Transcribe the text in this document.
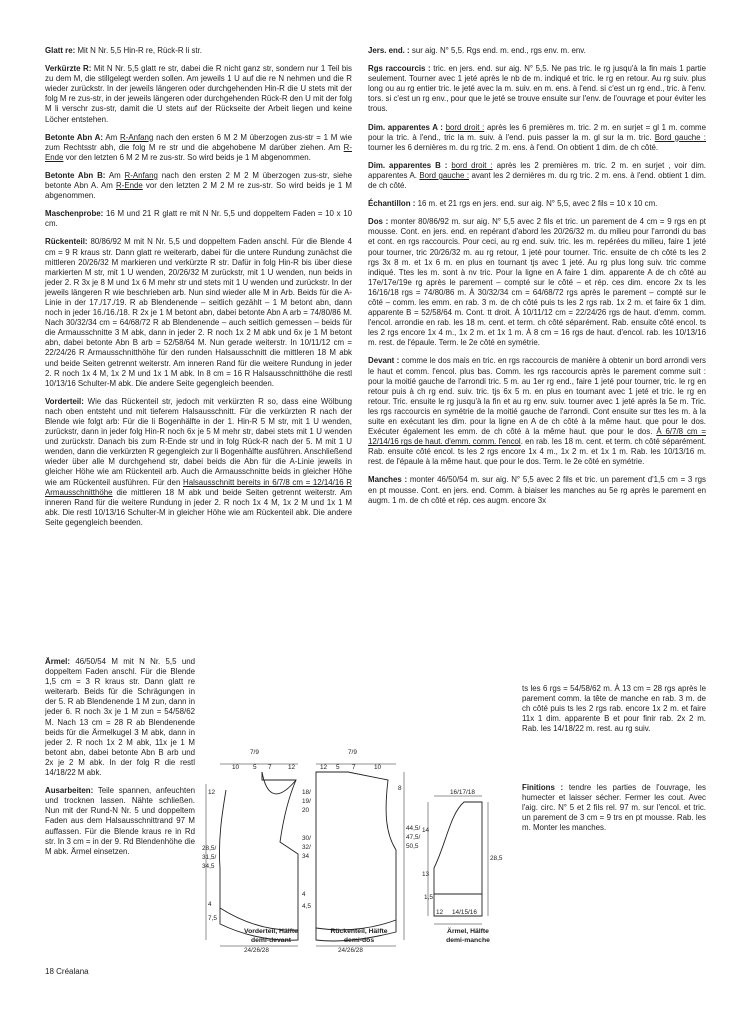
Glatt re: Mit N Nr. 5,5 Hin-R re, Rück-R li str.

Verkürzte R: Mit N Nr. 5,5 glatt re str, dabei die R nicht ganz str, sondern nur 1 Teil bis zu dem M, die stillgelegt werden sollen. Am jeweils 1 U auf die re N nehmen und die R wieder zurückstr. In der jeweils längeren oder durchgehenden Hin-R die U stets mit der folg M re zus-str, in der jeweils längeren oder durchgehenden Rück-R den U mit der folg M li verschr zus-str, damit die U stets auf der Rückseite der Arbeit liegen und keine Löcher entstehen.

Betonte Abn A: Am R-Anfang nach den ersten 6 M 2 M überzogen zus-str = 1 M wie zum Rechtsstr abh, die folg M re str und die abgehobene M darüber ziehen. Am R-Ende vor den letzten 6 M 2 M re zus-str. So wird beids je 1 M abgenommen.

Betonte Abn B: Am R-Anfang nach den ersten 2 M 2 M überzogen zus-str, siehe betonte Abn A. Am R-Ende vor den letzten 2 M 2 M re zus-str. So wird beids je 1 M abgenommen.

Maschenprobe: 16 M und 21 R glatt re mit N Nr. 5,5 und doppeltem Faden = 10 x 10 cm.

Rückenteil: 80/86/92 M mit N Nr. 5,5 und doppeltem Faden anschl. Für die Blende 4 cm = 9 R kraus str. Dann glatt re weiterarb, dabei für die untere Rundung zunächst die mittleren 20/26/32 M markieren und verkürzte R str. Dafür in folg Hin-R bis über diese markierten M str, mit 1 U wenden, 20/26/32 M zurückstr, mit 1 U wenden, nun beids in jeder 2. R 3x je 8 M und 1x 6 M mehr str und stets mit 1 U wenden und zurückstr. In der jeweils längeren R wie beschrieben arb. Nun sind wieder alle M in Arb. Beids für die A-Linie in der 17./17./19. R ab Blendenende – seitlich gezählt – 1 M betont abn, dann noch in jeder 16./16./18. R 2x je 1 M betont abn, dabei betonte Abn A arb = 74/80/86 M. Nach 30/32/34 cm = 64/68/72 R ab Blendenende – auch seitlich gemessen – beids für die Armausschnitte 3 M abk, dann in jeder 2. R noch 1x 2 M abk und 6x je 1 M betont abn, dabei betonte Abn B arb = 52/58/64 M. Nun gerade weiterstr. In 10/11/12 cm = 22/24/26 R Armausschnitthöhe für den runden Halsausschnitt die mittleren 18 M abk und beide Seiten getrennt weiterstr. Am inneren Rand für die weitere Rundung in jeder 2. R noch 1x 4 M, 1x 2 M und 1x 1 M abk. In 8 cm = 16 R Halsausschnitthöhe die restl 10/13/16 Schulter-M abk. Die andere Seite gegengleich beenden.

Vorderteil: Wie das Rückenteil str, jedoch mit verkürzten R so, dass eine Wölbung nach oben entsteht und mit tieferem Halsausschnitt. Für die verkürzten R nach der Blende wie folgt arb: Für die li Bogenhälfte in der 1. Hin-R 5 M str, mit 1 U wenden, zurückstr, dann in jeder folg Hin-R noch 6x je 5 M mehr str, dabei stets mit 1 U wenden und zurückstr. Danach bis zum R-Ende str und in folg Rück-R nach der 5. M mit 1 U wenden, dann die verkürzten R gegengleich zur li Bogenhälfte ausführen. Anschließend wieder über alle M durchgehend str, dabei beids die Abn für die A-Linie jeweils in gleicher Höhe wie am Rückenteil arb. Auch die Armausschnitte beids in gleicher Höhe wie am Rückenteil ausführen. Für den Halsausschnitt bereits in 6/7/8 cm = 12/14/16 R Armausschnitthöhe die mittleren 18 M abk und beide Seiten getrennt weiterstr. Am inneren Rand für die weitere Rundung in jeder 2. R noch 1x 4 M, 1x 2 M und 1x 1 M abk. Die restl 10/13/16 Schulter-M in gleicher Höhe wie am Rückenteil abk. Die andere Seite gegengleich beenden.

Ärmel: 46/50/54 M mit N Nr. 5,5 und doppeltem Faden anschl. Für die Blende 1,5 cm = 3 R kraus str. Dann glatt re weiterarb. Beids für die Schrägungen in der 5. R ab Blendenende 1 M zun, dann in jeder 6. R noch 3x je 1 M zun = 54/58/62 M. Nach 13 cm = 28 R ab Blendenende beids für die Ärmelkugel 3 M abk, dann in jeder 2. R noch 1x 2 M abk, 11x je 1 M betont abn, dabei betonte Abn B arb und 2x je 2 M abk. In der folg R die restl 14/18/22 M abk.

Ausarbeiten: Teile spannen, anfeuchten und trocknen lassen. Nähte schließen. Nun mit der Rund-N Nr. 5 und doppeltem Faden aus dem Halsausschnittrand 97 M auffassen. Für die Blende kraus re in Rd str. In 3 cm = in der 9. Rd Blendenhöhe die M abk. Ärmel einsetzen.

Jers. end. : sur aig. N° 5,5. Rgs end. m. end., rgs env. m. env.

Rgs raccourcis : tric. en jers. end. sur aig. N° 5,5. Ne pas tric. le rg jusqu'à la fin mais 1 partie seulement. Tourner avec 1 jeté après le nb de m. indiqué et tric. le rg en retour. Au rg suiv. plus long ou au rg entier tric. le jeté avec la m. suiv. en m. ens. à l'end. si c'est un rg end., tric. à l'env. tors. si c'est un rg env., pour que le jeté se trouve ensuite sur l'env. de l'ouvrage et pour éviter les trous.

Dim. apparentes A : bord droit : après les 6 premières m. tric. 2 m. en surjet = gl 1 m. comme pour la tric. à l'end., tric la m. suiv. à l'end. puis passer la m. gl sur la m. tric. Bord gauche : tourner les 6 dernières m. du rg tric. 2 m. ens. à l'end. On obtient 1 dim. de ch côté.

Dim. apparentes B : bord droit : après les 2 premières m. tric. 2 m. en surjet , voir dim. apparentes A. Bord gauche : avant les 2 dernières m. du rg tric. 2 m. ens. à l'end. obtient 1 dim. de ch côté.

Échantillon : 16 m. et 21 rgs en jers. end. sur aig. N° 5,5, avec 2 fils = 10 x 10 cm.

Dos : monter 80/86/92 m. sur aig. N° 5,5 avec 2 fils et tric. un parement de 4 cm = 9 rgs en pt mousse. Cont. en jers. end. en repérant d'abord les 20/26/32 m. du milieu pour l'arrondi du bas et cont. en rgs raccourcis. Pour ceci, au rg end. suiv. tric. les m. repérées du milieu, faire 1 jeté pour tourner, tric 20/26/32 m. au rg retour, 1 jeté pour tourner. Tric. ensuite de ch côté ts les 2 rgs 3x 8 m. et 1x 6 m. en plus en tournant tjs avec 1 jeté. Au rg plus long suiv. tric comme indiqué. Ttes les m. sont à nv tric. Pour la ligne en A faire 1 dim. apparente A de ch côté au 17e/17e/19e rg après le parement – compté sur le côté – et rép. ces dim. encore 2x ts les 16/16/18 rgs = 74/80/86 m. À 30/32/34 cm = 64/68/72 rgs après le parement – compté sur le côté – comm. les emm. en rab. 3 m. de ch côté puis ts les 2 rgs rab. 1x 2 m. et faire 6x 1 dim. apparente B = 52/58/64 m. Cont. tt droit. À 10/11/12 cm = 22/24/26 rgs de haut. d'emm. comm. l'encol. arrondie en rab. les 18 m. cent. et term. ch côté séparément. Rab. ensuite côté encol. ts les 2 rgs encore 1x 4 m., 1x 2 m. et 1x 1 m. À 8 cm = 16 rgs de haut. d'encol. rab. les 10/13/16 m. rest. de l'épaule. Term. le 2e côté en symétrie.

Devant : comme le dos mais en tric. en rgs raccourcis de manière à obtenir un bord arrondi vers le haut et comm. l'encol. plus bas. Comm. les rgs raccourcis après le parement comme suit : pour la moitié gauche de l'arrondi tric. 5 m. au 1er rg end., faire 1 jeté pour tourner, tric. le rg en retour puis à ch rg end. suiv. tric. tjs 6x 5 m. en plus en tournant avec 1 jeté et tric. le rg en retour. Tric. ensuite le rg jusqu'à la fin et au rg env. suiv. tourner avec 1 jeté après la 5e m. Tric. les rgs raccourcis en symétrie de la moitié gauche de l'arrondi. Cont ensuite sur ttes les m. à la suite en exécutant les dim. pour la ligne en A de ch côté à la même haut. que pour le dos. Exécuter également les emm. de ch côté à la même haut. que pour le dos. À 6/7/8 cm = 12/14/16 rgs de haut. d'emm. comm. l'encol. en rab. les 18 m. cent. et term. ch côté séparément. Rab. ensuite côté encol. ts les 2 rgs encore 1x 4 m., 1x 2 m. et 1x 1 m. Rab. les 10/13/16 m. rest. de l'épaule à la même haut. que pour le dos. Term. le 2e côté en symétrie.

Manches : monter 46/50/54 m. sur aig. N° 5,5 avec 2 fils et tric. un parement d'1,5 cm = 3 rgs en pt mousse. Cont. en jers. end. Comm. à biaiser les manches au 5e rg après le parement en augm. 1 m. de ch côté et rép. ces augm. encore 3x

ts les 6 rgs = 54/58/62 m. À 13 cm = 28 rgs après le parement comm. la tête de manche en rab. 3 m. de ch côté puis ts les 2 rgs rab. encore 1x 2 m. et faire 11x 1 dim. apparente B et pour finir rab. 2x 2 m. Rab. les 14/18/22 m. rest. au rg suiv.
Finitions : tendre les parties de l'ouvrage, les humecter et laisser sécher. Fermer les cout. Avec l'aig. circ. N° 5 et 2 fils rel. 97 m. sur l'encol. et tric. un parement de 3 cm = 9 trs en pt mousse. Rab. les m. Monter les manches.
7/9
10 5 7	12
12
28,5/
31,5/
34,5
4
7,5
24/26/28
7/9
12 5 7	10
18/
19/
20
30/
32/
34
8
44,5/
47,5/
50,5
4
4,5
24/26/28
16/17/18
14
13
1,5
28,5
12 14/15/16
Vorderteil, Hälfte
demi-devant
Rückenteil, Hälfte
demi-dos
Ärmel, Hälfte
demi-manche
18 Créalana
